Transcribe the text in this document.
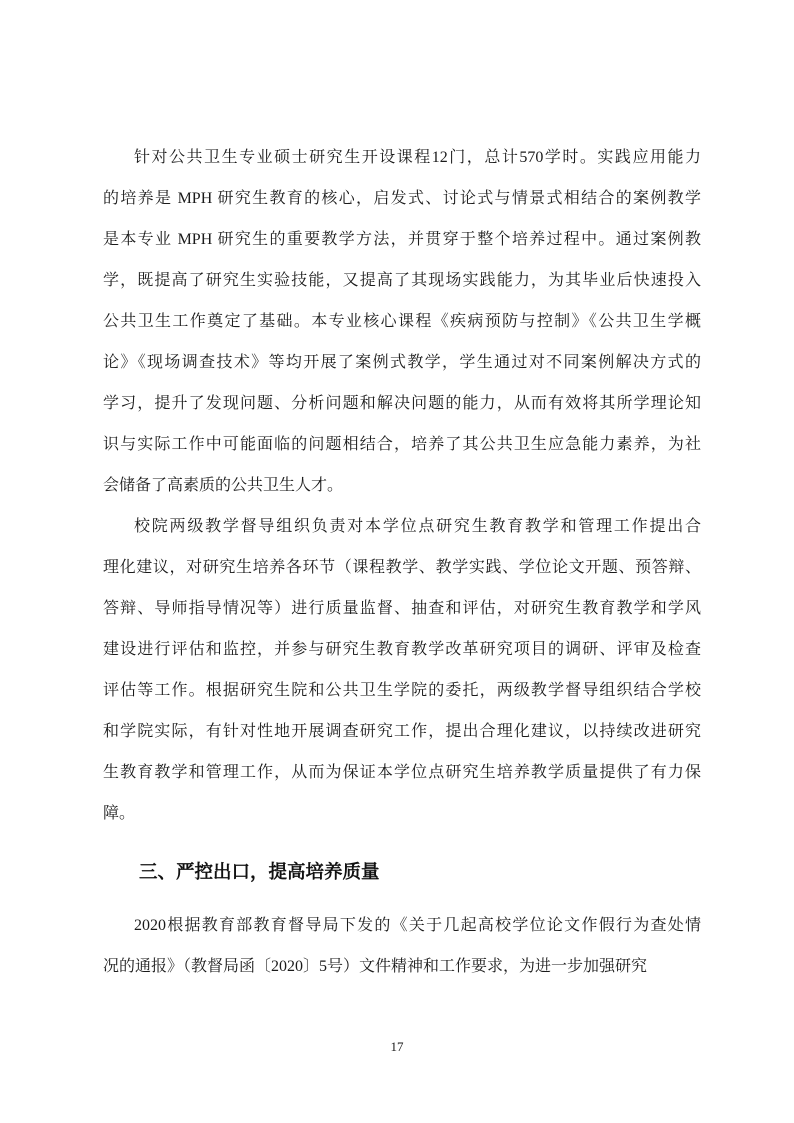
针对公共卫生专业硕士研究生开设课程12门，总计570学时。实践应用能力
的培养是 MPH 研究生教育的核心，启发式、讨论式与情景式相结合的案例教学
是本专业 MPH 研究生的重要教学方法，并贯穿于整个培养过程中。通过案例教
学，既提高了研究生实验技能，又提高了其现场实践能力，为其毕业后快速投入
公共卫生工作奠定了基础。本专业核心课程《疾病预防与控制》《公共卫生学概
论》《现场调查技术》等均开展了案例式教学，学生通过对不同案例解决方式的
学习，提升了发现问题、分析问题和解决问题的能力，从而有效将其所学理论知
识与实际工作中可能面临的问题相结合，培养了其公共卫生应急能力素养，为社
会储备了高素质的公共卫生人才。
校院两级教学督导组织负责对本学位点研究生教育教学和管理工作提出合
理化建议，对研究生培养各环节（课程教学、教学实践、学位论文开题、预答辩、
答辩、导师指导情况等）进行质量监督、抽查和评估，对研究生教育教学和学风
建设进行评估和监控，并参与研究生教育教学改革研究项目的调研、评审及检查
评估等工作。根据研究生院和公共卫生学院的委托，两级教学督导组织结合学校
和学院实际，有针对性地开展调查研究工作，提出合理化建议，以持续改进研究
生教育教学和管理工作，从而为保证本学位点研究生培养教学质量提供了有力保
障。
三、严控出口，提高培养质量
2020根据教育部教育督导局下发的《关于几起高校学位论文作假行为查处情
况的通报》（教督局函〔2020〕5号）文件精神和工作要求，为进一步加强研究
17
